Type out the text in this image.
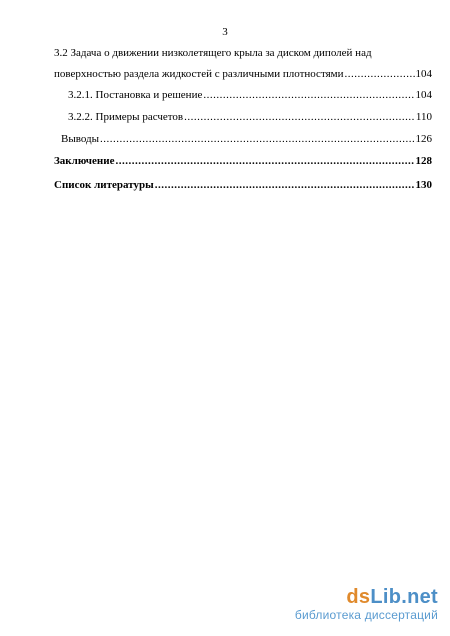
3
3.2 Задача о движении низколетящего крыла за диском диполей над
поверхностью раздела жидкостей с различными плотностями .....	104
3.2.1. Постановка и решение .....	104
3.2.2. Примеры расчетов .....	110
Выводы .....	126
Заключение .....	128
Список литературы .....	130
dsLib.net
библиотека диссертаций
